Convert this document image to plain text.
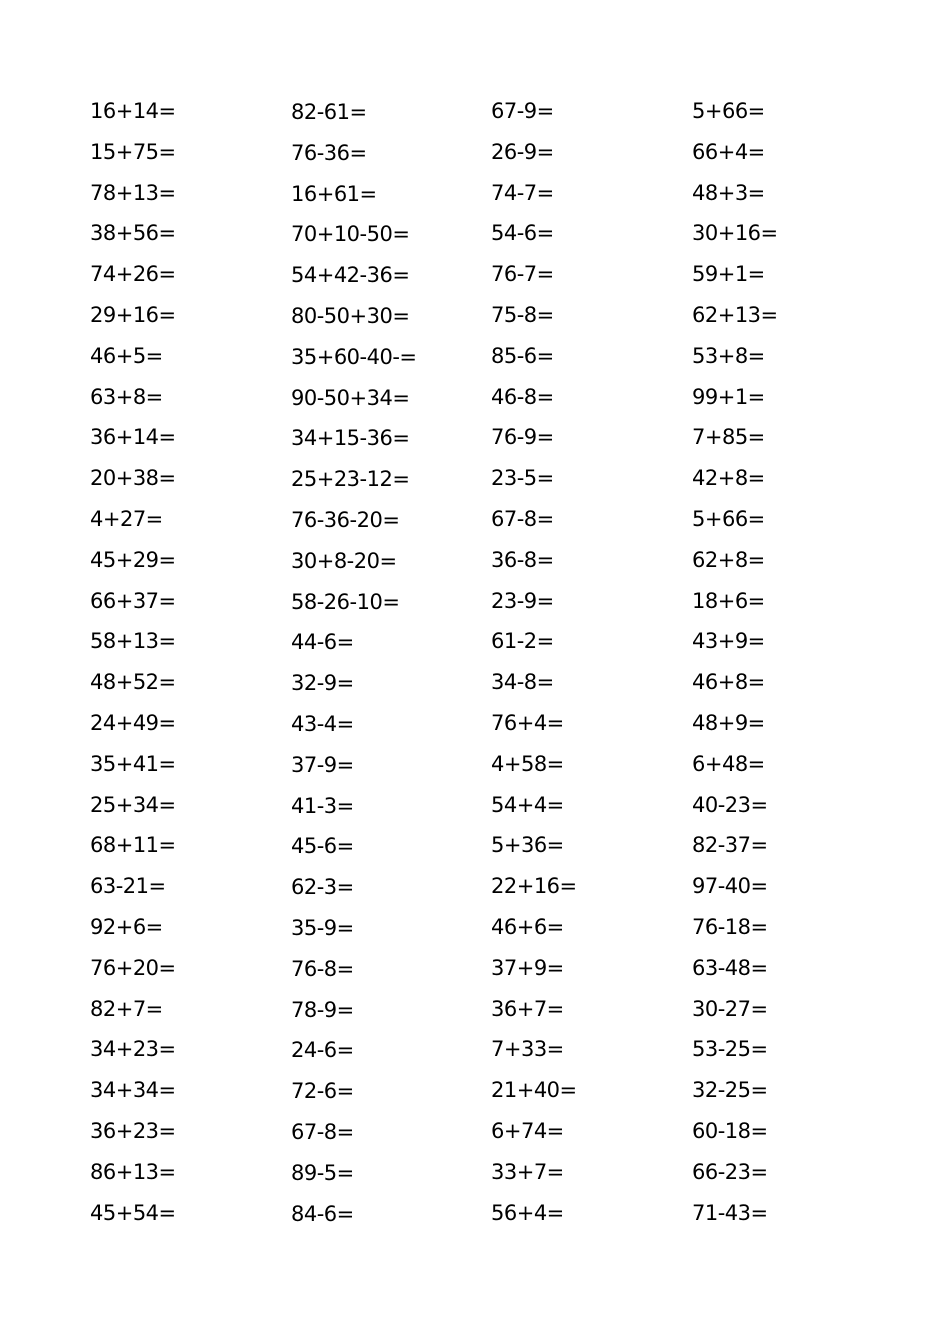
16+14=
15+75=
78+13=
38+56=
74+26=
29+16=
46+5=
63+8=
36+14=
20+38=
4+27=
45+29=
66+37=
58+13=
48+52=
24+49=
35+41=
25+34=
68+11=
63-21=
92+6=
76+20=
82+7=
34+23=
34+34=
36+23=
86+13=
45+54=
82-61=
76-36=
16+61=
70+10-50=
54+42-36=
80-50+30=
35+60-40-=
90-50+34=
34+15-36=
25+23-12=
76-36-20=
30+8-20=
58-26-10=
44-6=
32-9=
43-4=
37-9=
41-3=
45-6=
62-3=
35-9=
76-8=
78-9=
24-6=
72-6=
67-8=
89-5=
84-6=
67-9=
26-9=
74-7=
54-6=
76-7=
75-8=
85-6=
46-8=
76-9=
23-5=
67-8=
36-8=
23-9=
61-2=
34-8=
76+4=
4+58=
54+4=
5+36=
22+16=
46+6=
37+9=
36+7=
7+33=
21+40=
6+74=
33+7=
56+4=
5+66=
66+4=
48+3=
30+16=
59+1=
62+13=
53+8=
99+1=
7+85=
42+8=
5+66=
62+8=
18+6=
43+9=
46+8=
48+9=
6+48=
40-23=
82-37=
97-40=
76-18=
63-48=
30-27=
53-25=
32-25=
60-18=
66-23=
71-43=
